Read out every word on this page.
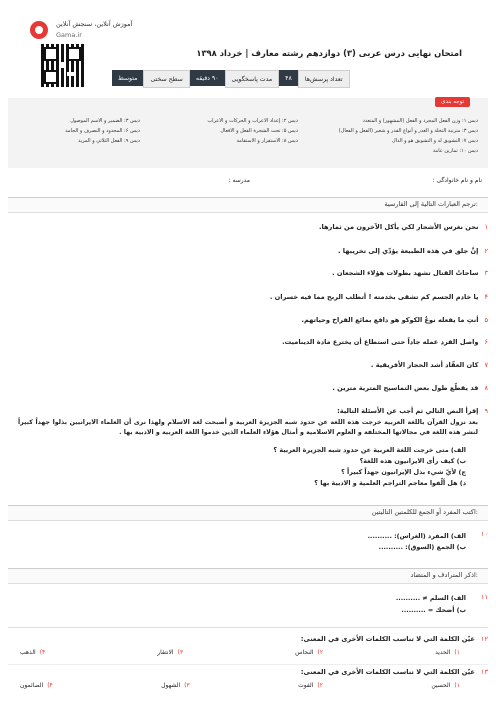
آموزش آنلاین، سنجش آنلاین
Gama.ir
امتحان نهایی درس عربی (۳) دوازدهم رشته معارف | خرداد ۱۳۹۸
تعداد پرسش‌ها
۴۸
مدت پاسخگویی
۹۰ دقیقه
سطح سختی
متوسط
توجه بندی
دیس ۱: وزن الفعل المجرد و الفعل (المشهور) و المتعدد
دیس ۳: مترتبة التخلة و الغدر و أنواع القدر و شعير (الفعل و الفعال)
دیس ۷: التشويق له و التشويق هو و الدال
دیس ۱۰: تمارين عامة
دیس ۲: إعداد الاعراب و الحركات و الاعراب
دیس ۵: تحت الشجرة الفعل و الافعال
دیس ۸: الاستقرار و الاستقامة
دیس ۳: الضمير و الاسم الموصول
دیس ۶: المحدود و التصرف و الجامد
دیس ۹: الفعل الثلاثي و المزيد
نام و نام خانوادگی :
مدرسه :
ترجم العبارات التالية إلى الفارسية:
۱نحن نغرس الأشجار لكي يأكل الآخرون من ثمارها.
۲إنَّ جلق في هذه الطبيعة يؤدّي إلى تخريبها .
۳ساحاتُ القتال تشهد بطولات هؤلاء الشجعان .
۴يا خادم الجسم كم تشقى بخدمته ! أتطلب الربح مما فيه خسران .
۵أنتِ ما يفعله نوعٌ الكوكو هو دافع بمائع الفراخ وحياتهم.
۶واصل الفرد عمله جاداً حتى استطاع أن يخترع مادة الديناميت.
۷كان العقّاد أشد الحجاز الأفريقية .
۸قد يقطّع طول بعض التماسيح المترية مترين .
۹إقرأ النص التالي ثم أجب عن الأسئلة التالية:
بعد نزول القرآن باللغة العربية خرجت هذه اللغة عن حدود شبه الجزيرة العربية و أصبحت لغة الاسلام ولهذا نرى أن العلماء الايرانيين بذلوا جهداً كبيراً لنشر هذه اللغة في مجالاتها المختلفة و العلوم الاسلامية و أمثال هؤلاء العلماء الذين خدموا اللغة العربية و الادبية بها .
الف) متى خرجت اللغة العربية عن حدود شبه الجزيرة العربية ؟
ب) كيف رأى الايرانيون هذه اللغة؟
ج) لأيّ شيء بذل الإيرانيون جهداً كبيراً ؟
د) هل ألّفوا معاجم التراجم العلمية و الادبية بها ؟
اكتب المفرد أو الجمع للكلمتين التاليتين:
۱۰
الف) المفرد (الغراس): ..........
ب) الجمع (السوق): ..........
اذكر المترادف و المتضاد:
۱۱
الف) السلم ≠ ..........
ب) أضحك = ..........
۱۲عيّن الكلمة التي لا تناسب الكلمات الأخرى في المعنى:
۱)الحديد
۲)النحاس
۳)الانتقار
۴)الذهب
۱۳عيّن الكلمة التي لا تناسب الكلمات الأخرى في المعنى:
۱)الحسين
۲)الفوت
۳)الشهول
۴)الصائمون
